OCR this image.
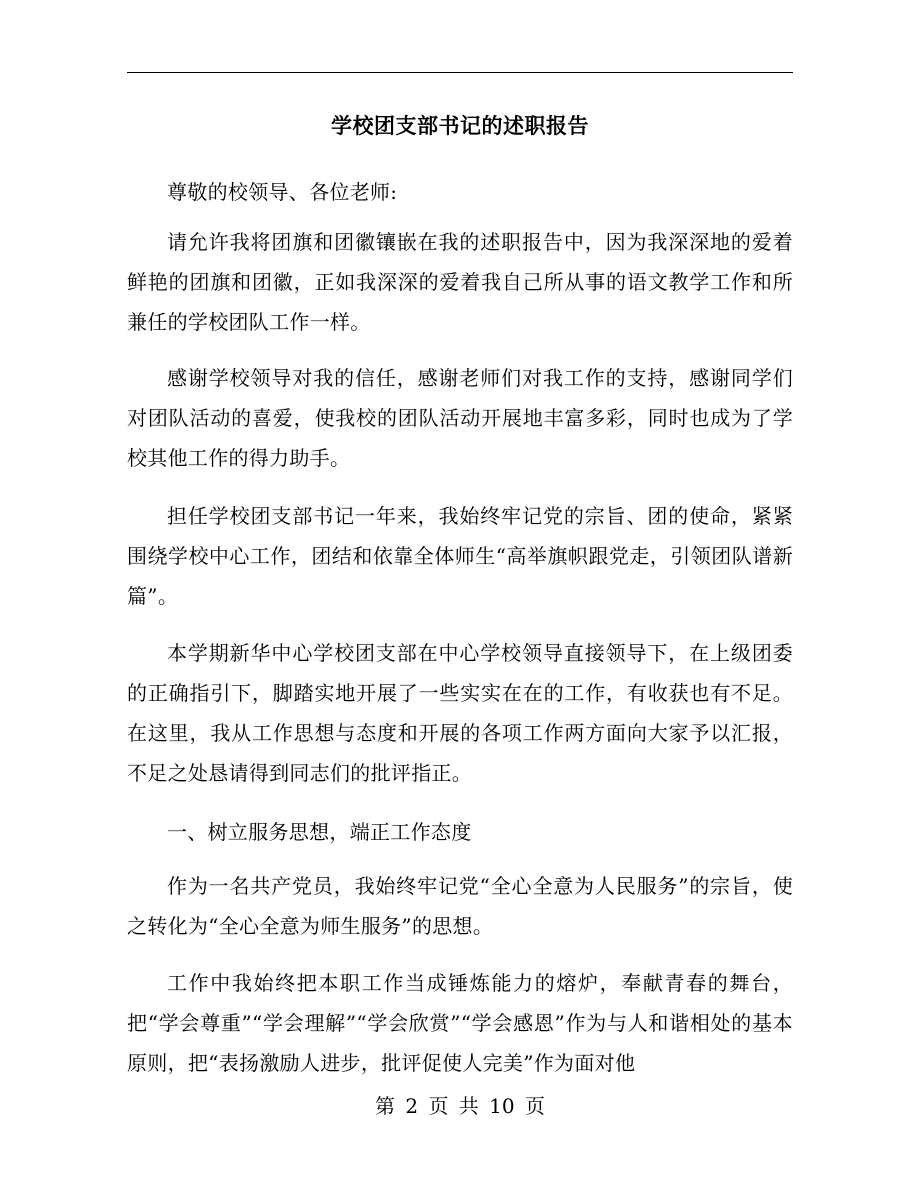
学校团支部书记的述职报告

尊敬的校领导、各位老师:

请允许我将团旗和团徽镶嵌在我的述职报告中，因为我深深地的爱着鲜艳的团旗和团徽，正如我深深的爱着我自己所从事的语文教学工作和所兼任的学校团队工作一样。

感谢学校领导对我的信任，感谢老师们对我工作的支持，感谢同学们对团队活动的喜爱，使我校的团队活动开展地丰富多彩，同时也成为了学校其他工作的得力助手。

担任学校团支部书记一年来，我始终牢记党的宗旨、团的使命，紧紧围绕学校中心工作，团结和依靠全体师生“高举旗帜跟党走，引领团队谱新篇”。

本学期新华中心学校团支部在中心学校领导直接领导下，在上级团委的正确指引下，脚踏实地开展了一些实实在在的工作，有收获也有不足。在这里，我从工作思想与态度和开展的各项工作两方面向大家予以汇报，不足之处恳请得到同志们的批评指正。

一、树立服务思想，端正工作态度

作为一名共产党员，我始终牢记党“全心全意为人民服务”的宗旨，使之转化为“全心全意为师生服务”的思想。

工作中我始终把本职工作当成锤炼能力的熔炉，奉献青春的舞台，把“学会尊重”“学会理解”“学会欣赏”“学会感恩”作为与人和谐相处的基本原则，把“表扬激励人进步，批评促使人完美”作为面对他

第 2 页 共 10 页
